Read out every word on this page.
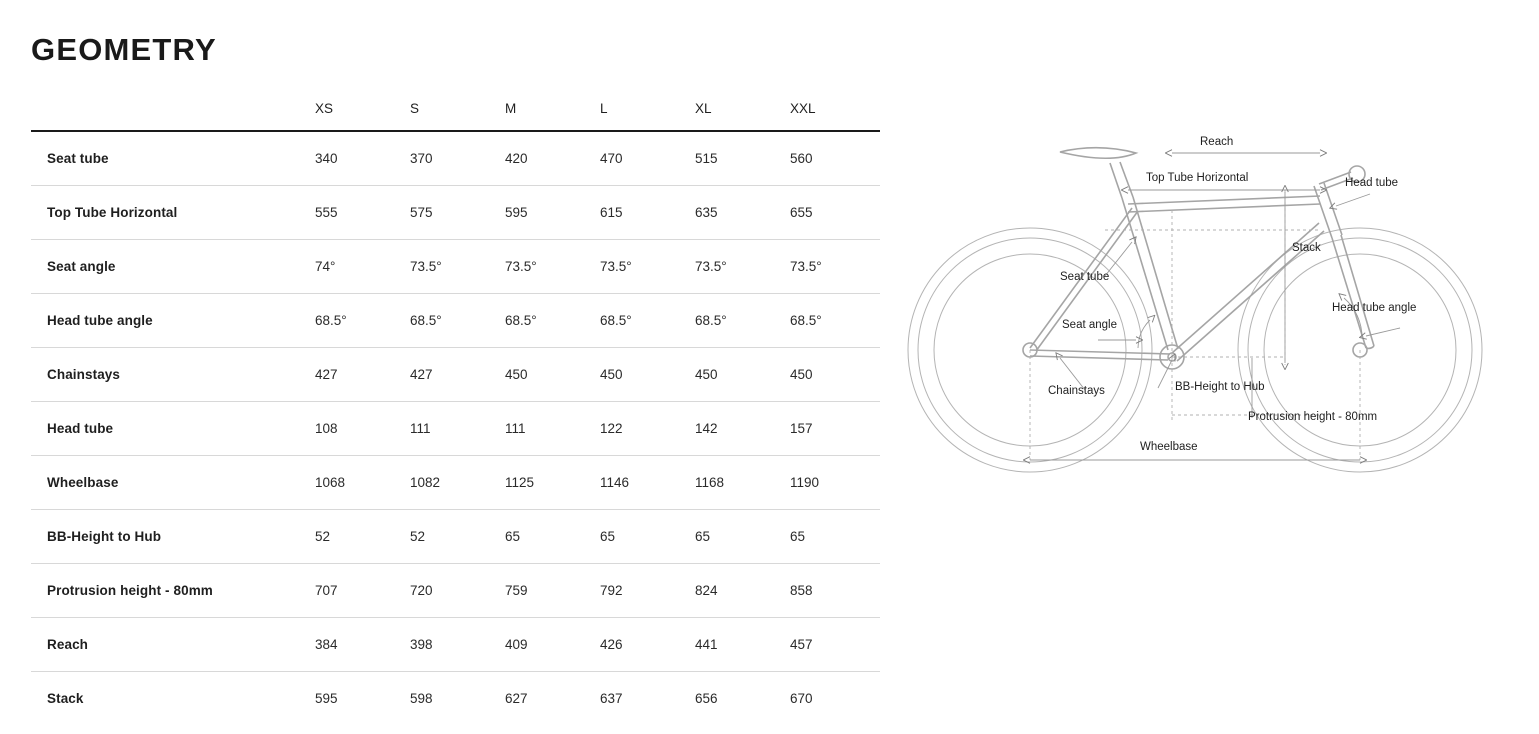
GEOMETRY
	XS	S	M	L	XL	XXL
Seat tube	340	370	420	470	515	560
Top Tube Horizontal	555	575	595	615	635	655
Seat angle	74°	73.5°	73.5°	73.5°	73.5°	73.5°
Head tube angle	68.5°	68.5°	68.5°	68.5°	68.5°	68.5°
Chainstays	427	427	450	450	450	450
Head tube	108	111	111	122	142	157
Wheelbase	1068	1082	1125	1146	1168	1190
BB-Height to Hub	52	52	65	65	65	65
Protrusion height - 80mm	707	720	759	792	824	858
Reach	384	398	409	426	441	457
Stack	595	598	627	637	656	670
Reach
Top Tube Horizontal	Head tube
Stack
Seat tube
Seat angle
Head tube angle
Chainstays	BB-Height to Hub
Protrusion height - 80mm
Wheelbase
